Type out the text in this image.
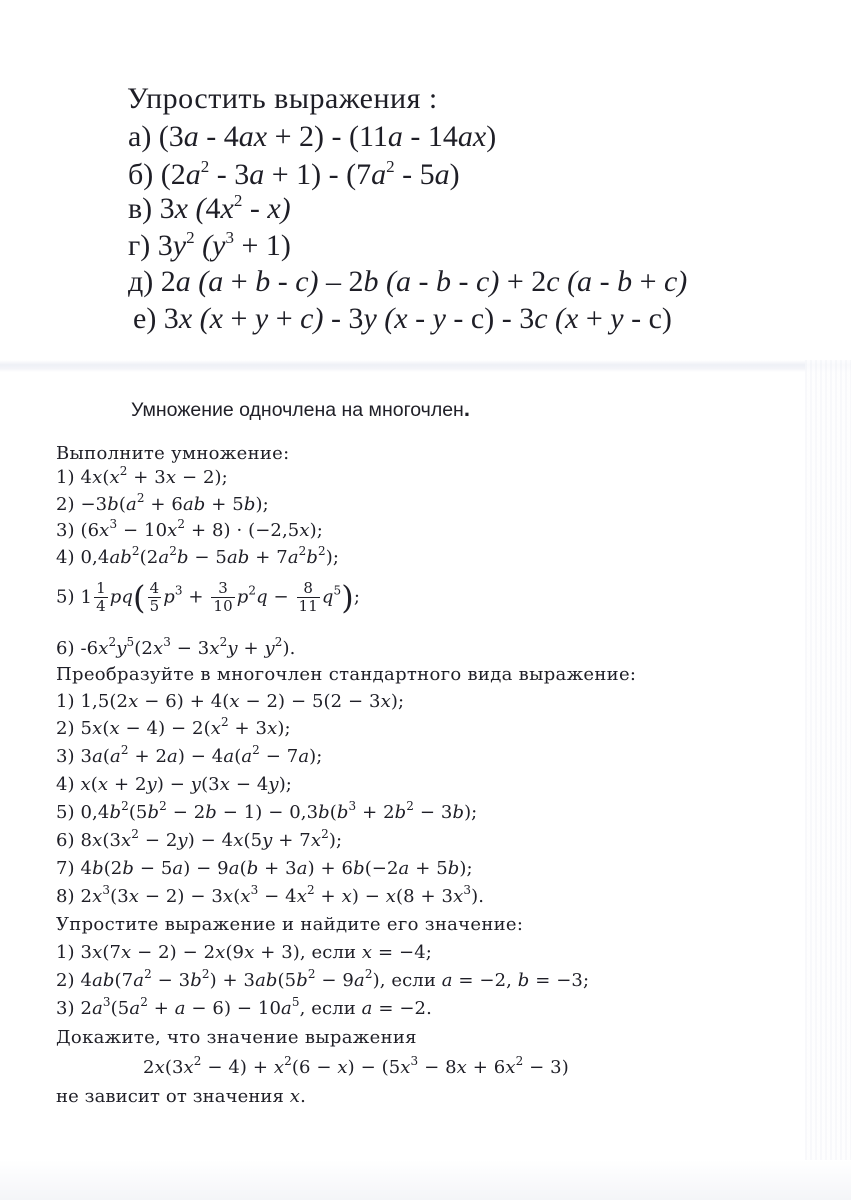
Упростить выражения :
а) (3а - 4ах + 2) - (11а - 14ах)
б) $(2а^2 - 3а + 1) - (7а^2 - 5а)$
в) 3х $(4х^2 - х)$
г) $3у^2$ $(у^3 + 1)$
д) 2а (а + b - с) – 2b (а - b - с) + 2с (а - b + с)
е) 3х (х + у + с) - 3у (х - у - с) - 3с (х + у - с)
Умножение одночлена на многочлен.
Выполните умножение:
1) $4x(x^2 + 3x - 2)$;
$2) -3b(a^2 + 6ab + 5b)$;
3) $(6x^3 - 10x^2 + 8) \cdot (-2,5x)$;
4) $0,4ab^2(2a^2b - 5ab + 7a^2b^2)$;
5) $1 \frac{1}{4} pq( \frac{4}{5} p^3 + \frac{3}{10} p^2q - \frac{8}{11} q^5)$;
6) $-6x^2y^5(2x^3 - 3x^2y + y^2)$.
Преобразуйте в многочлен стандартного вида выражение:
1) 1,5(2x − 6) + 4(x − 2) − 5(2 − 3x);
2) $5x(x - 4) - 2(x^2 + 3x)$;
3) $3a(a^2 + 2a) - 4a(a^2 - 7a)$;
4) x(x + 2y) − y(3x − 4y);
5) $0,4b^2(5b^2 - 2b - 1) - 0,3b(b^3 + 2b^2 - 3b)$;
6) $8x(3x^2 - 2y) - 4x(5y + 7x^2)$;
7) 4b(2b − 5a) − 9a(b + 3a) + 6b(−2a + 5b);
8) $2x^3(3x - 2) - 3x(x^3 - 4x^2 + x) - x(8 + 3x^3)$.
Упростите выражение и найдите его значение:
1) 3x(7x − 2) − 2x(9x + 3), если x = −4;
2) $4ab(7a^2 - 3b^2) + 3ab(5b^2 - 9a^2)$, если a = −2, b = −3;
3) $2a^3(5a^2 + a - 6) - 10a^5$, если a = −2.
Докажите, что значение выражения
$2x(3x^2 - 4) + x^2(6 - x) - (5x^3 - 8x + 6x^2 - 3)$
не зависит от значения x.
